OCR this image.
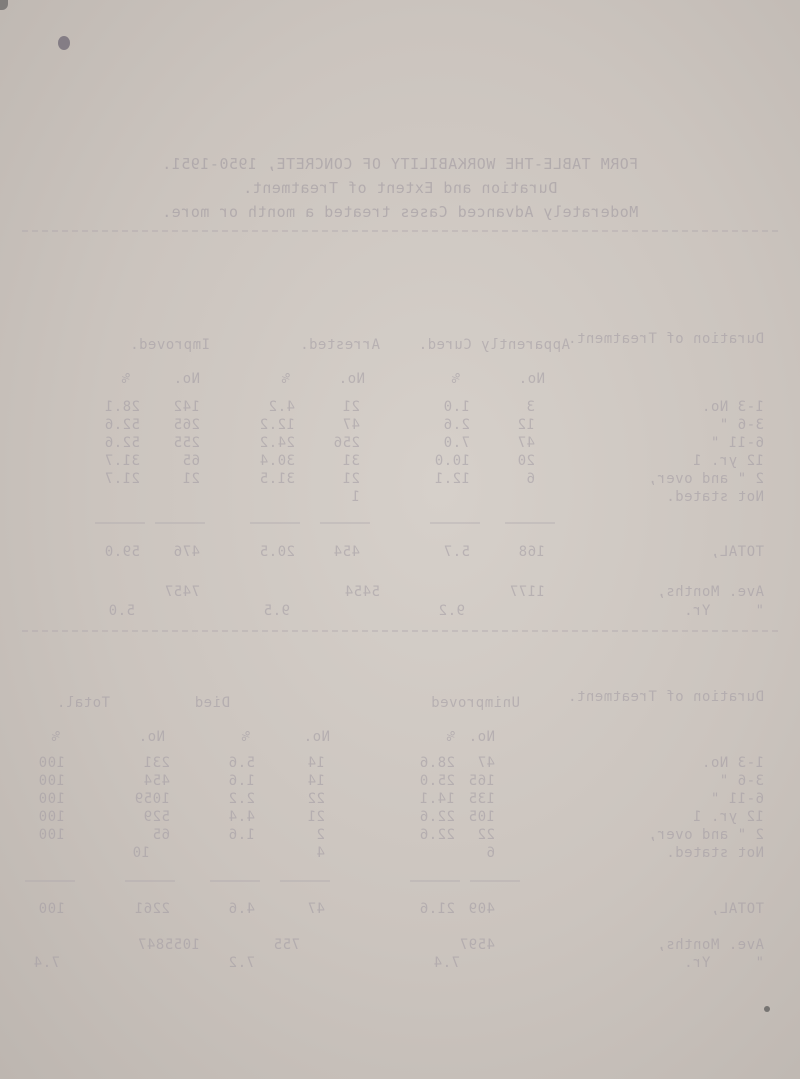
FORM TABLE-THE WORKABILITY OF CONCRETE, 1950-1951.
Duration and Extent of Treatment.
Moderately Advanced Cases treated a month or more.
Duration of Treatment.
Apparently Cured.
Arrested.
Improved.
No.
%
No.
%
No.
%
1-3 No.
3
1.0
21
4.2
142
28.1
3-6 "
12
2.6
47
12.2
265
52.6
6-11 "
47
7.0
256
24.2
255
52.6
12 yr. 1
20
10.0
31
30.4
65
31.7
2 " and over,
6
12.1
21
31.5
21
21.7
Not stated.
1
TOTAL,
168
5.7
454
20.5
476
59.0
Ave. Months,
"     Yr.
1177
9.2
5454
9.5
7457
5.0
Duration of Treatment.
Unimproved
Died
Total.
No.
%
No.
%
No.
%
1-3 No.
47
28.6
14
5.6
231
100
3-6 "
165
25.0
14
1.6
454
100
6-11 "
135
14.1
22
2.2
1059
100
12 yr. 1
105
22.6
21
4.4
529
100
2 " and over,
22
22.6
2
1.6
65
100
Not stated.
6
4
10
TOTAL,
409
21.6
47
4.6
2261
100
Ave. Months,
"     Yr.
4597
7.4
755
7.2
1055847
7.4
